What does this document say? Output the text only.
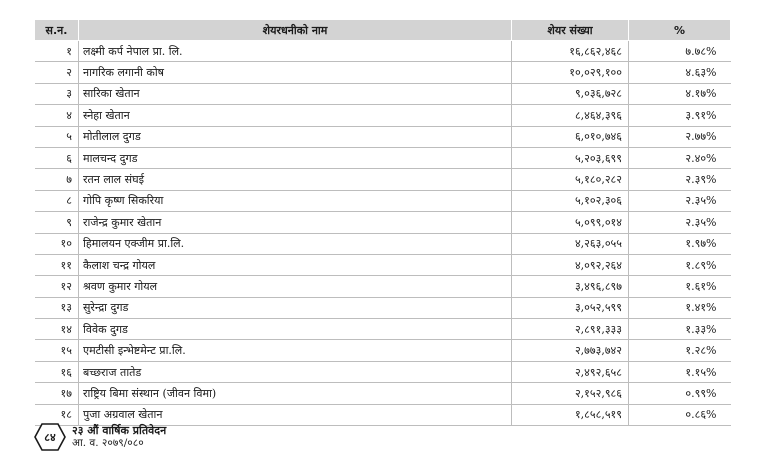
स.न.	शेयरधनीको नाम	शेयर संख्या	%
१	लक्ष्मी कर्प नेपाल प्रा. लि.	१६,८६२,४६८	७.७८%
२	नागरिक लगानी कोष	१०,०२९,१००	४.६३%
३	सारिका खेतान	९,०३६,७२८	४.१७%
४	स्नेहा खेतान	८,४६४,३९६	३.९१%
५	मोतीलाल दुगड	६,०१०,७४६	२.७७%
६	मालचन्द दुगड	५,२०३,६९९	२.४०%
७	रतन लाल संघई	५,१८०,२८२	२.३९%
८	गोपि कृष्ण सिकरिया	५,१०२,३०६	२.३५%
९	राजेन्द्र कुमार खेतान	५,०९९,०१४	२.३५%
१०	हिमालयन एक्जीम प्रा.लि.	४,२६३,०५५	१.९७%
११	कैलाश चन्द्र गोयल	४,०९२,२६४	१.८९%
१२	श्रवण कुमार गोयल	३,४९६,८९७	१.६१%
१३	सुरेन्द्रा दुगड	३,०५२,५९९	१.४१%
१४	विवेक दुगड	२,८९१,३३३	१.३३%
१५	एमटीसी इन्भेष्टमेन्ट प्रा.लि.	२,७७३,७४२	१.२८%
१६	बच्छराज तातेड	२,४९२,६५८	१.१५%
१७	राष्ट्रिय बिमा संस्थान (जीवन विमा)	२,१५२,९८६	०.९९%
१८	पुजा अग्रवाल खेतान	१,८५८,५१९	०.८६%
८४	२३ औं वार्षिक प्रतिवेदन
आ. व. २०७९/०८०
